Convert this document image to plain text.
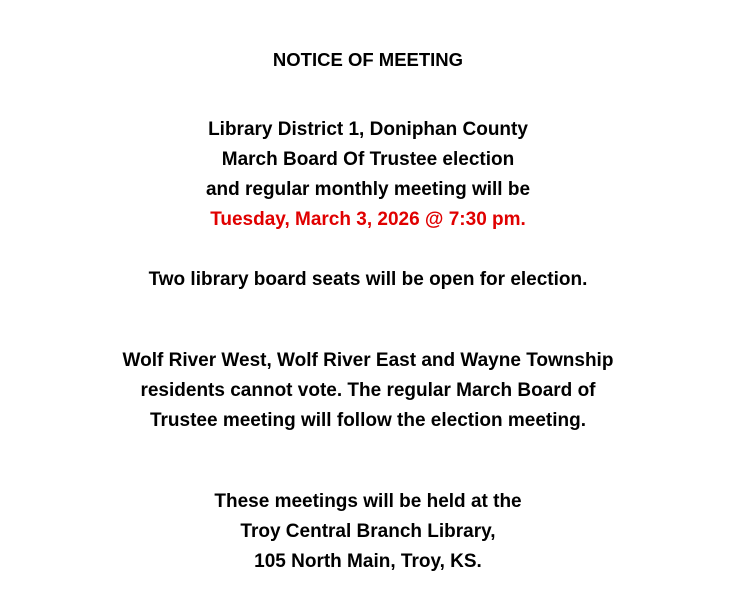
NOTICE OF MEETING
Library District 1, Doniphan County
March Board Of Trustee election
and regular monthly meeting will be
Tuesday, March 3, 2026 @ 7:30 pm.
Two library board seats will be open for election.
Wolf River West, Wolf River East and Wayne Township
residents cannot vote. The regular March Board of
Trustee meeting will follow the election meeting.
These meetings will be held at the
Troy Central Branch Library,
105 North Main, Troy, KS.
